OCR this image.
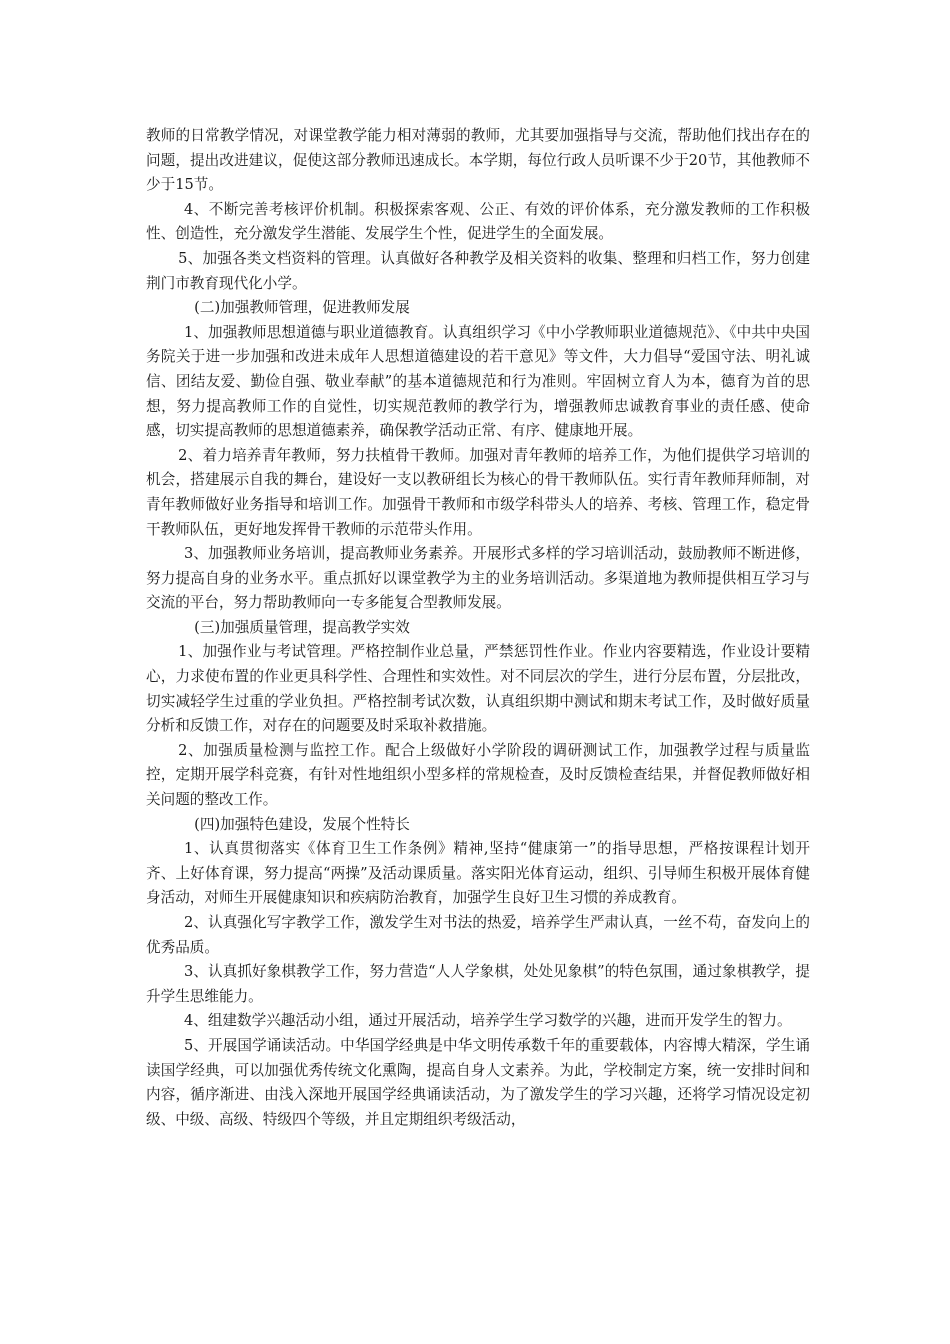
教师的日常教学情况，对课堂教学能力相对薄弱的教师，尤其要加强指导与交流，帮助他们找出存在的问题，提出改进建议，促使这部分教师迅速成长。本学期，每位行政人员听课不少于20节，其他教师不少于15节。

4、不断完善考核评价机制。积极探索客观、公正、有效的评价体系，充分激发教师的工作积极性、创造性，充分激发学生潜能、发展学生个性，促进学生的全面发展。

5、加强各类文档资料的管理。认真做好各种教学及相关资料的收集、整理和归档工作，努力创建荆门市教育现代化小学。

(二)加强教师管理，促进教师发展

1、加强教师思想道德与职业道德教育。认真组织学习《中小学教师职业道德规范》、《中共中央国务院关于进一步加强和改进未成年人思想道德建设的若干意见》等文件，大力倡导“爱国守法、明礼诚信、团结友爱、勤俭自强、敬业奉献”的基本道德规范和行为准则。牢固树立育人为本，德育为首的思想，努力提高教师工作的自觉性，切实规范教师的教学行为，增强教师忠诚教育事业的责任感、使命感，切实提高教师的思想道德素养，确保教学活动正常、有序、健康地开展。

2、着力培养青年教师，努力扶植骨干教师。加强对青年教师的培养工作，为他们提供学习培训的机会，搭建展示自我的舞台，建设好一支以教研组长为核心的骨干教师队伍。实行青年教师拜师制，对青年教师做好业务指导和培训工作。加强骨干教师和市级学科带头人的培养、考核、管理工作，稳定骨干教师队伍，更好地发挥骨干教师的示范带头作用。

3、加强教师业务培训，提高教师业务素养。开展形式多样的学习培训活动，鼓励教师不断进修，努力提高自身的业务水平。重点抓好以课堂教学为主的业务培训活动。多渠道地为教师提供相互学习与交流的平台，努力帮助教师向一专多能复合型教师发展。

(三)加强质量管理，提高教学实效

1、加强作业与考试管理。严格控制作业总量，严禁惩罚性作业。作业内容要精选，作业设计要精心，力求使布置的作业更具科学性、合理性和实效性。对不同层次的学生，进行分层布置，分层批改，切实减轻学生过重的学业负担。严格控制考试次数，认真组织期中测试和期末考试工作，及时做好质量分析和反馈工作，对存在的问题要及时采取补救措施。

2、加强质量检测与监控工作。配合上级做好小学阶段的调研测试工作，加强教学过程与质量监控，定期开展学科竞赛，有针对性地组织小型多样的常规检查，及时反馈检查结果，并督促教师做好相关问题的整改工作。

(四)加强特色建设，发展个性特长

1、认真贯彻落实《体育卫生工作条例》精神,坚持“健康第一”的指导思想，严格按课程计划开齐、上好体育课，努力提高“两操”及活动课质量。落实阳光体育运动，组织、引导师生积极开展体育健身活动，对师生开展健康知识和疾病防治教育，加强学生良好卫生习惯的养成教育。

2、认真强化写字教学工作，激发学生对书法的热爱，培养学生严肃认真，一丝不苟，奋发向上的优秀品质。

3、认真抓好象棋教学工作，努力营造“人人学象棋，处处见象棋”的特色氛围，通过象棋教学，提升学生思维能力。

4、组建数学兴趣活动小组，通过开展活动，培养学生学习数学的兴趣，进而开发学生的智力。

5、开展国学诵读活动。中华国学经典是中华文明传承数千年的重要载体，内容博大精深，学生诵读国学经典，可以加强优秀传统文化熏陶，提高自身人文素养。为此，学校制定方案，统一安排时间和内容，循序渐进、由浅入深地开展国学经典诵读活动，为了激发学生的学习兴趣，还将学习情况设定初级、中级、高级、特级四个等级，并且定期组织考级活动，
